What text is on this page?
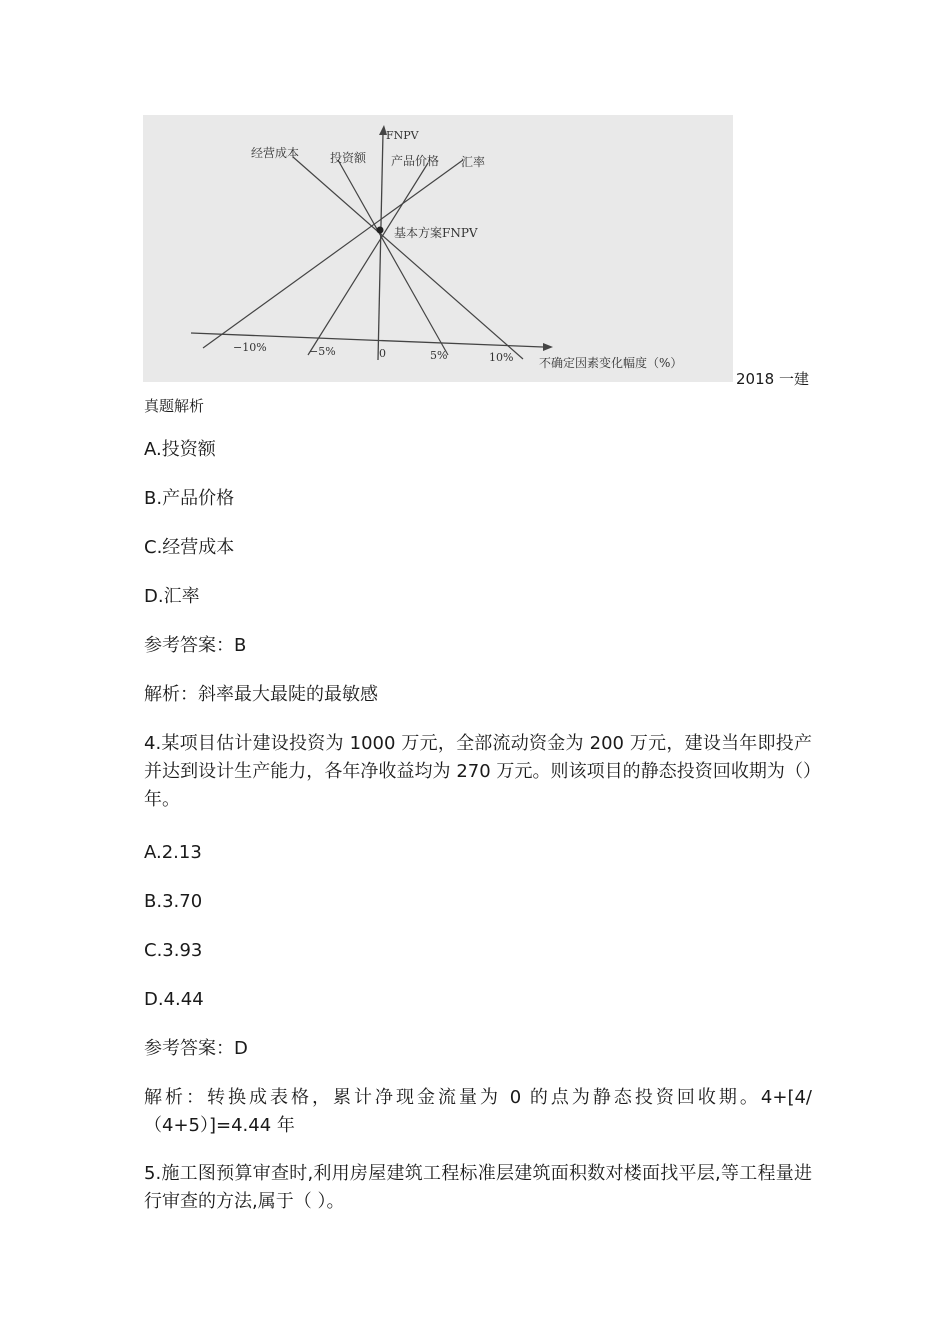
FNPV
经营成本	投资额 产品价格 汇率
基本方案FNPV
−10%	−5%	0	5%	10% 不确定因素变化幅度（%）
2018 一建
真题解析
A.投资额
B.产品价格
C.经营成本
D.汇率
参考答案：B
解析：斜率最大最陡的最敏感
4.某项目估计建设投资为 1000 万元，全部流动资金为 200 万元，建设当年即投产并达到设计生产能力，各年净收益均为 270 万元。则该项目的静态投资回收期为（）年。
A.2.13
B.3.70
C.3.93
D.4.44
参考答案：D
解析：转换成表格，累计净现金流量为 0 的点为静态投资回收期。4+[4/（4+5）]=4.44 年
5.施工图预算审查时,利用房屋建筑工程标准层建筑面积数对楼面找平层,等工程量进行审查的方法,属于（ ）。
